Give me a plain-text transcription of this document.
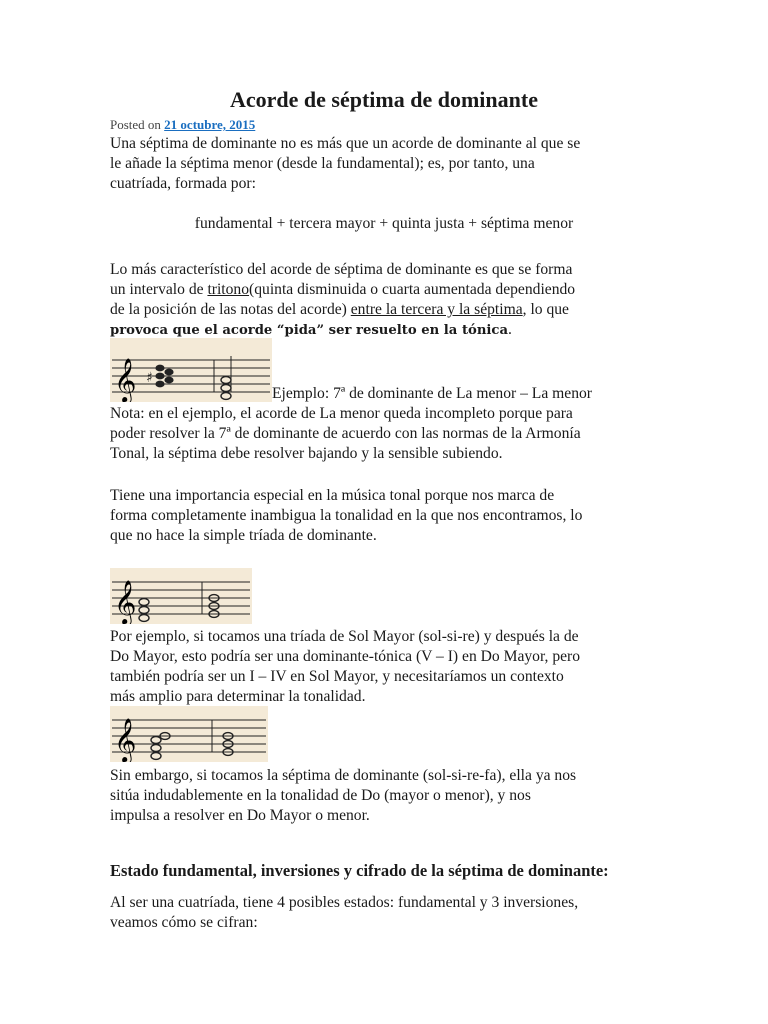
Acorde de séptima de dominante
Posted on 21 octubre, 2015
Una séptima de dominante no es más que un acorde de dominante al que se
le añade la séptima menor (desde la fundamental); es, por tanto, una
cuatríada, formada por:
fundamental + tercera mayor + quinta justa + séptima menor
Lo más característico del acorde de séptima de dominante es que se forma
un intervalo de tritono(quinta disminuida o cuarta aumentada dependiendo
de la posición de las notas del acorde) entre la tercera y la séptima, lo que
provoca que el acorde “pida” ser resuelto en la tónica.
𝄞 ♯
Ejemplo: 7ª de dominante de La menor – La menor
Nota: en el ejemplo, el acorde de La menor queda incompleto porque para
poder resolver la 7ª de dominante de acuerdo con las normas de la Armonía
Tonal, la séptima debe resolver bajando y la sensible subiendo.
Tiene una importancia especial en la música tonal porque nos marca de
forma completamente inambigua la tonalidad en la que nos encontramos, lo
que no hace la simple tríada de dominante.
𝄞
Por ejemplo, si tocamos una tríada de Sol Mayor (sol-si-re) y después la de
Do Mayor, esto podría ser una dominante-tónica (V – I) en Do Mayor, pero
también podría ser un I – IV en Sol Mayor, y necesitaríamos un contexto
más amplio para determinar la tonalidad.
𝄞
Sin embargo, si tocamos la séptima de dominante (sol-si-re-fa), ella ya nos
sitúa indudablemente en la tonalidad de Do (mayor o menor), y nos
impulsa a resolver en Do Mayor o menor.
Estado fundamental, inversiones y cifrado de la séptima de dominante:
Al ser una cuatríada, tiene 4 posibles estados: fundamental y 3 inversiones,
veamos cómo se cifran:
